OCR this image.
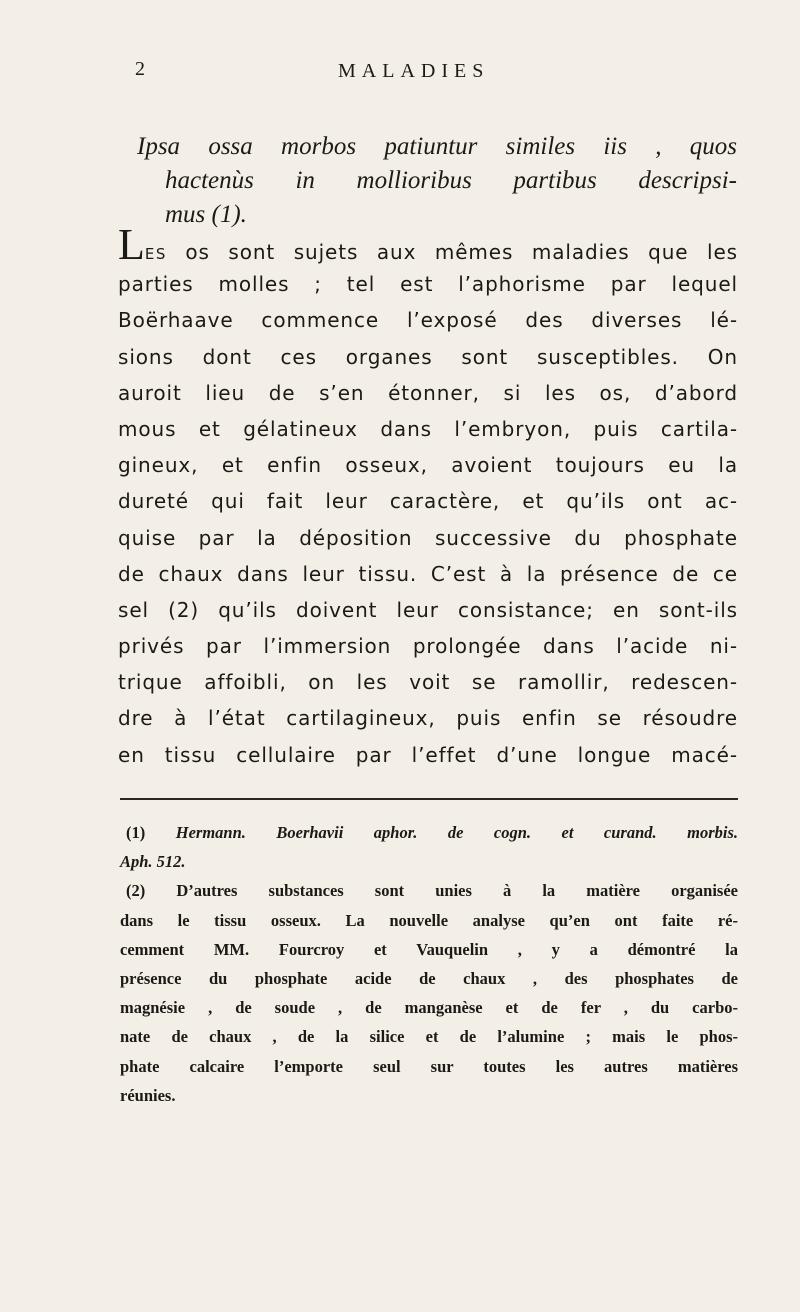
2	MALADIES
Ipsa ossa morbos patiuntur similes iis , quos
hactenùs in mollioribus partibus descripsi-
mus (1).
LES os sont sujets aux mêmes maladies que les
parties molles ; tel est l’aphorisme par lequel
Boërhaave commence l’exposé des diverses lé-
sions dont ces organes sont susceptibles. On
auroit lieu de s’en étonner, si les os, d’abord
mous et gélatineux dans l’embryon, puis cartila-
gineux, et enfin osseux, avoient toujours eu la
dureté qui fait leur caractère, et qu’ils ont ac-
quise par la déposition successive du phosphate
de chaux dans leur tissu. C’est à la présence de ce
sel (2) qu’ils doivent leur consistance; en sont-ils
privés par l’immersion prolongée dans l’acide ni-
trique affoibli, on les voit se ramollir, redescen-
dre à l’état cartilagineux, puis enfin se résoudre
en tissu cellulaire par l’effet d’une longue macé-
(1) Hermann. Boerhavii aphor. de cogn. et curand. morbis.
Aph. 512.
(2) D’autres substances sont unies à la matière organisée
dans le tissu osseux. La nouvelle analyse qu’en ont faite ré-
cemment MM. Fourcroy et Vauquelin , y a démontré la
présence du phosphate acide de chaux , des phosphates de
magnésie , de soude , de manganèse et de fer , du carbo-
nate de chaux , de la silice et de l’alumine ; mais le phos-
phate calcaire l’emporte seul sur toutes les autres matières
réunies.
